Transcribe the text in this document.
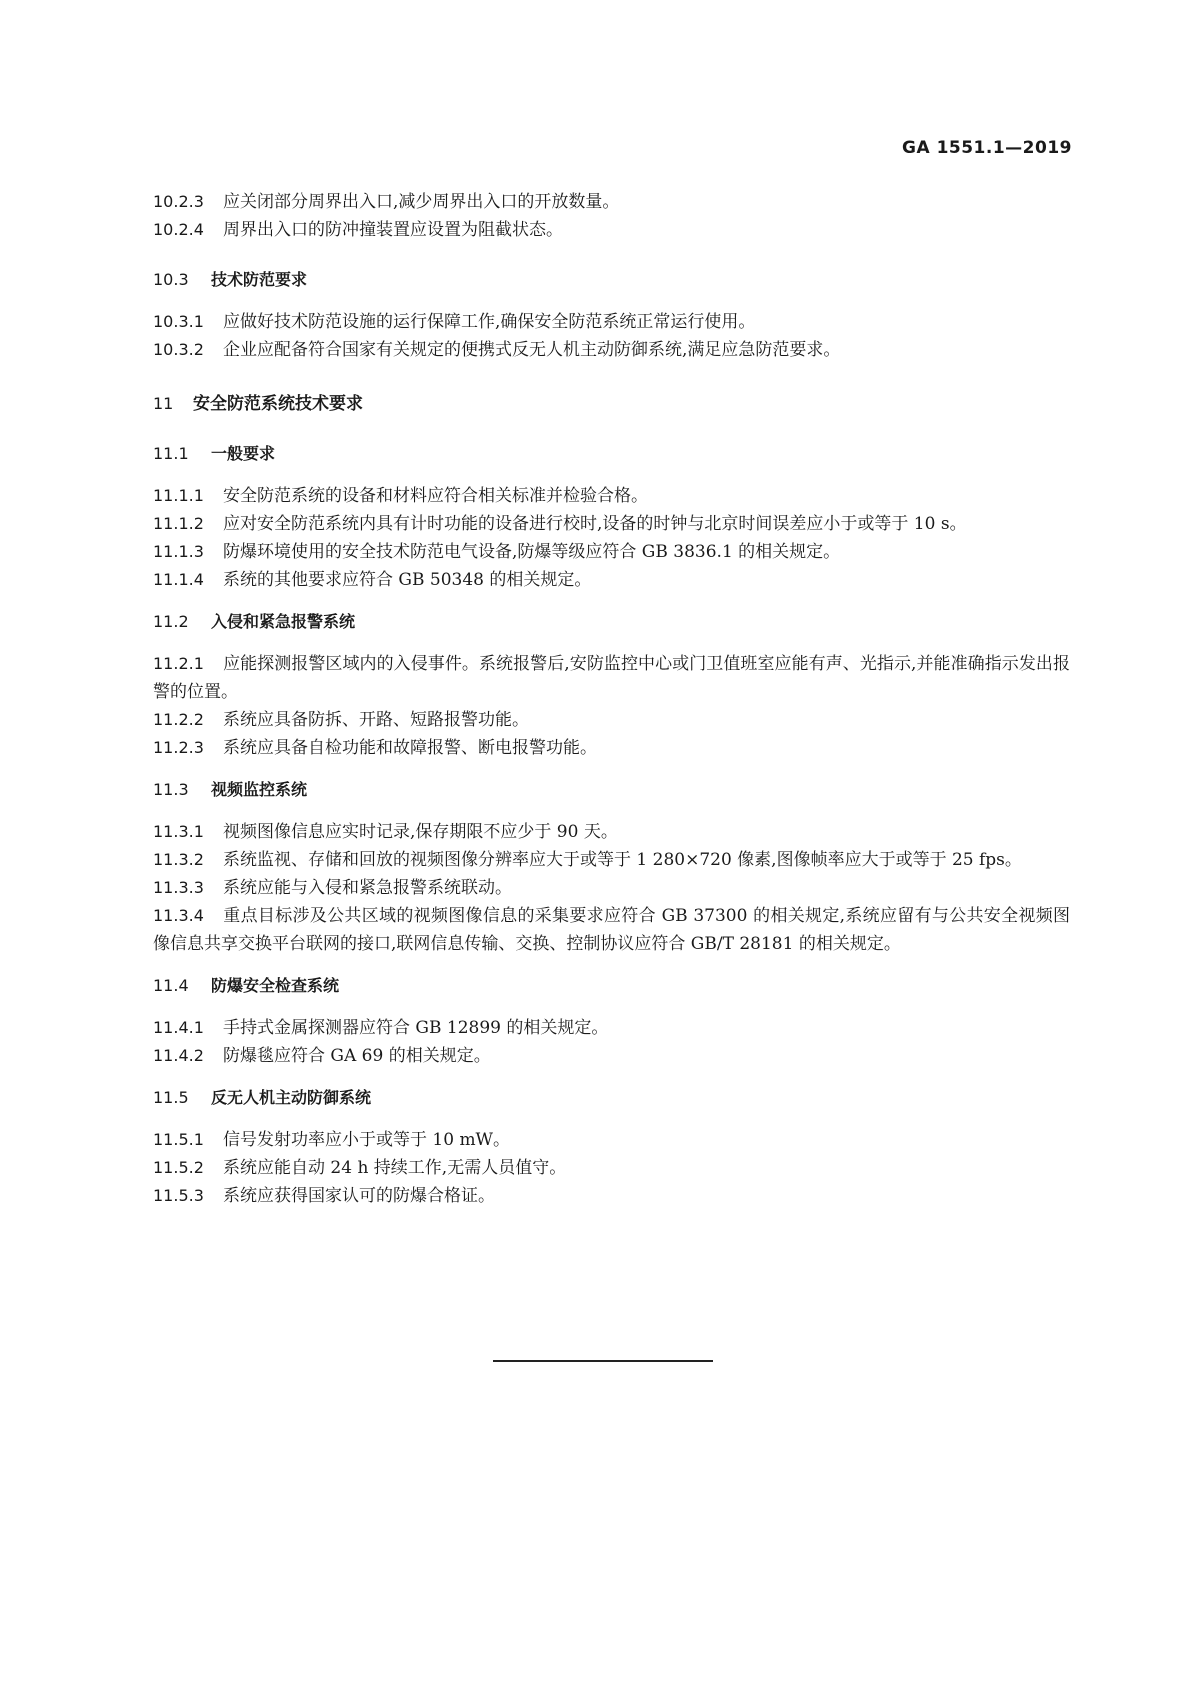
GA 1551.1—2019
10.2.3 应关闭部分周界出入口,减少周界出入口的开放数量。
10.2.4 周界出入口的防冲撞装置应设置为阻截状态。
10.3 技术防范要求
10.3.1 应做好技术防范设施的运行保障工作,确保安全防范系统正常运行使用。
10.3.2 企业应配备符合国家有关规定的便携式反无人机主动防御系统,满足应急防范要求。
11 安全防范系统技术要求
11.1 一般要求
11.1.1 安全防范系统的设备和材料应符合相关标准并检验合格。
11.1.2 应对安全防范系统内具有计时功能的设备进行校时,设备的时钟与北京时间误差应小于或等于 10 s。
11.1.3 防爆环境使用的安全技术防范电气设备,防爆等级应符合 GB 3836.1 的相关规定。
11.1.4 系统的其他要求应符合 GB 50348 的相关规定。
11.2 入侵和紧急报警系统
11.2.1 应能探测报警区域内的入侵事件。系统报警后,安防监控中心或门卫值班室应能有声、光指示,并能准确指示发出报警的位置。
11.2.2 系统应具备防拆、开路、短路报警功能。
11.2.3 系统应具备自检功能和故障报警、断电报警功能。
11.3 视频监控系统
11.3.1 视频图像信息应实时记录,保存期限不应少于 90 天。
11.3.2 系统监视、存储和回放的视频图像分辨率应大于或等于 1 280×720 像素,图像帧率应大于或等于 25 fps。
11.3.3 系统应能与入侵和紧急报警系统联动。
11.3.4 重点目标涉及公共区域的视频图像信息的采集要求应符合 GB 37300 的相关规定,系统应留有与公共安全视频图像信息共享交换平台联网的接口,联网信息传输、交换、控制协议应符合 GB/T 28181 的相关规定。
11.4 防爆安全检查系统
11.4.1 手持式金属探测器应符合 GB 12899 的相关规定。
11.4.2 防爆毯应符合 GA 69 的相关规定。
11.5 反无人机主动防御系统
11.5.1 信号发射功率应小于或等于 10 mW。
11.5.2 系统应能自动 24 h 持续工作,无需人员值守。
11.5.3 系统应获得国家认可的防爆合格证。
